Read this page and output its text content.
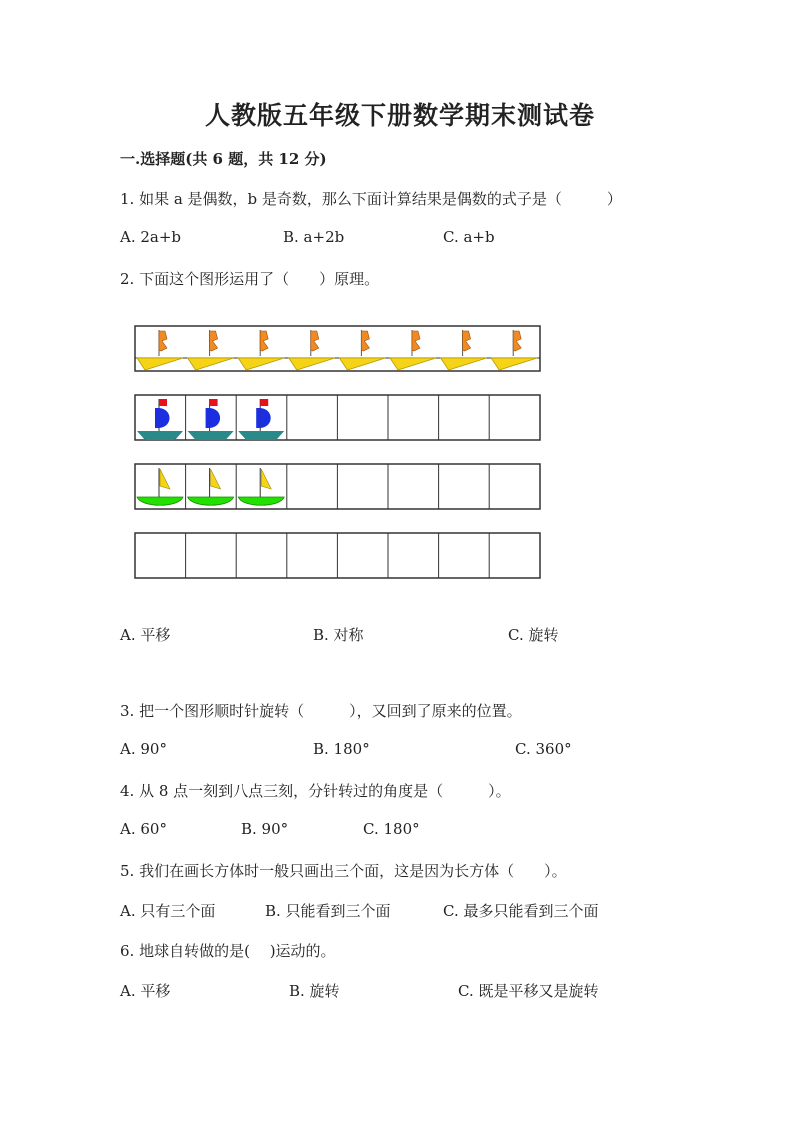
人教版五年级下册数学期末测试卷
一.选择题(共 6 题，共 12 分)
1. 如果 a 是偶数，b 是奇数，那么下面计算结果是偶数的式子是（　　　）
A. 2a+b	B. a+2b	C. a+b
2. 下面这个图形运用了（　　）原理。
A. 平移	B. 对称	C. 旋转
3. 把一个图形顺时针旋转（　　　），又回到了原来的位置。
A. 90°	B. 180°	C. 360°
4. 从 8 点一刻到八点三刻，分针转过的角度是（　　　）。
A. 60°	B. 90°	C. 180°
5. 我们在画长方体时一般只画出三个面，这是因为长方体（　　）。
A. 只有三个面	B. 只能看到三个面	C. 最多只能看到三个面
6. 地球自转做的是(　 )运动的。
A. 平移	B. 旋转	C. 既是平移又是旋转
